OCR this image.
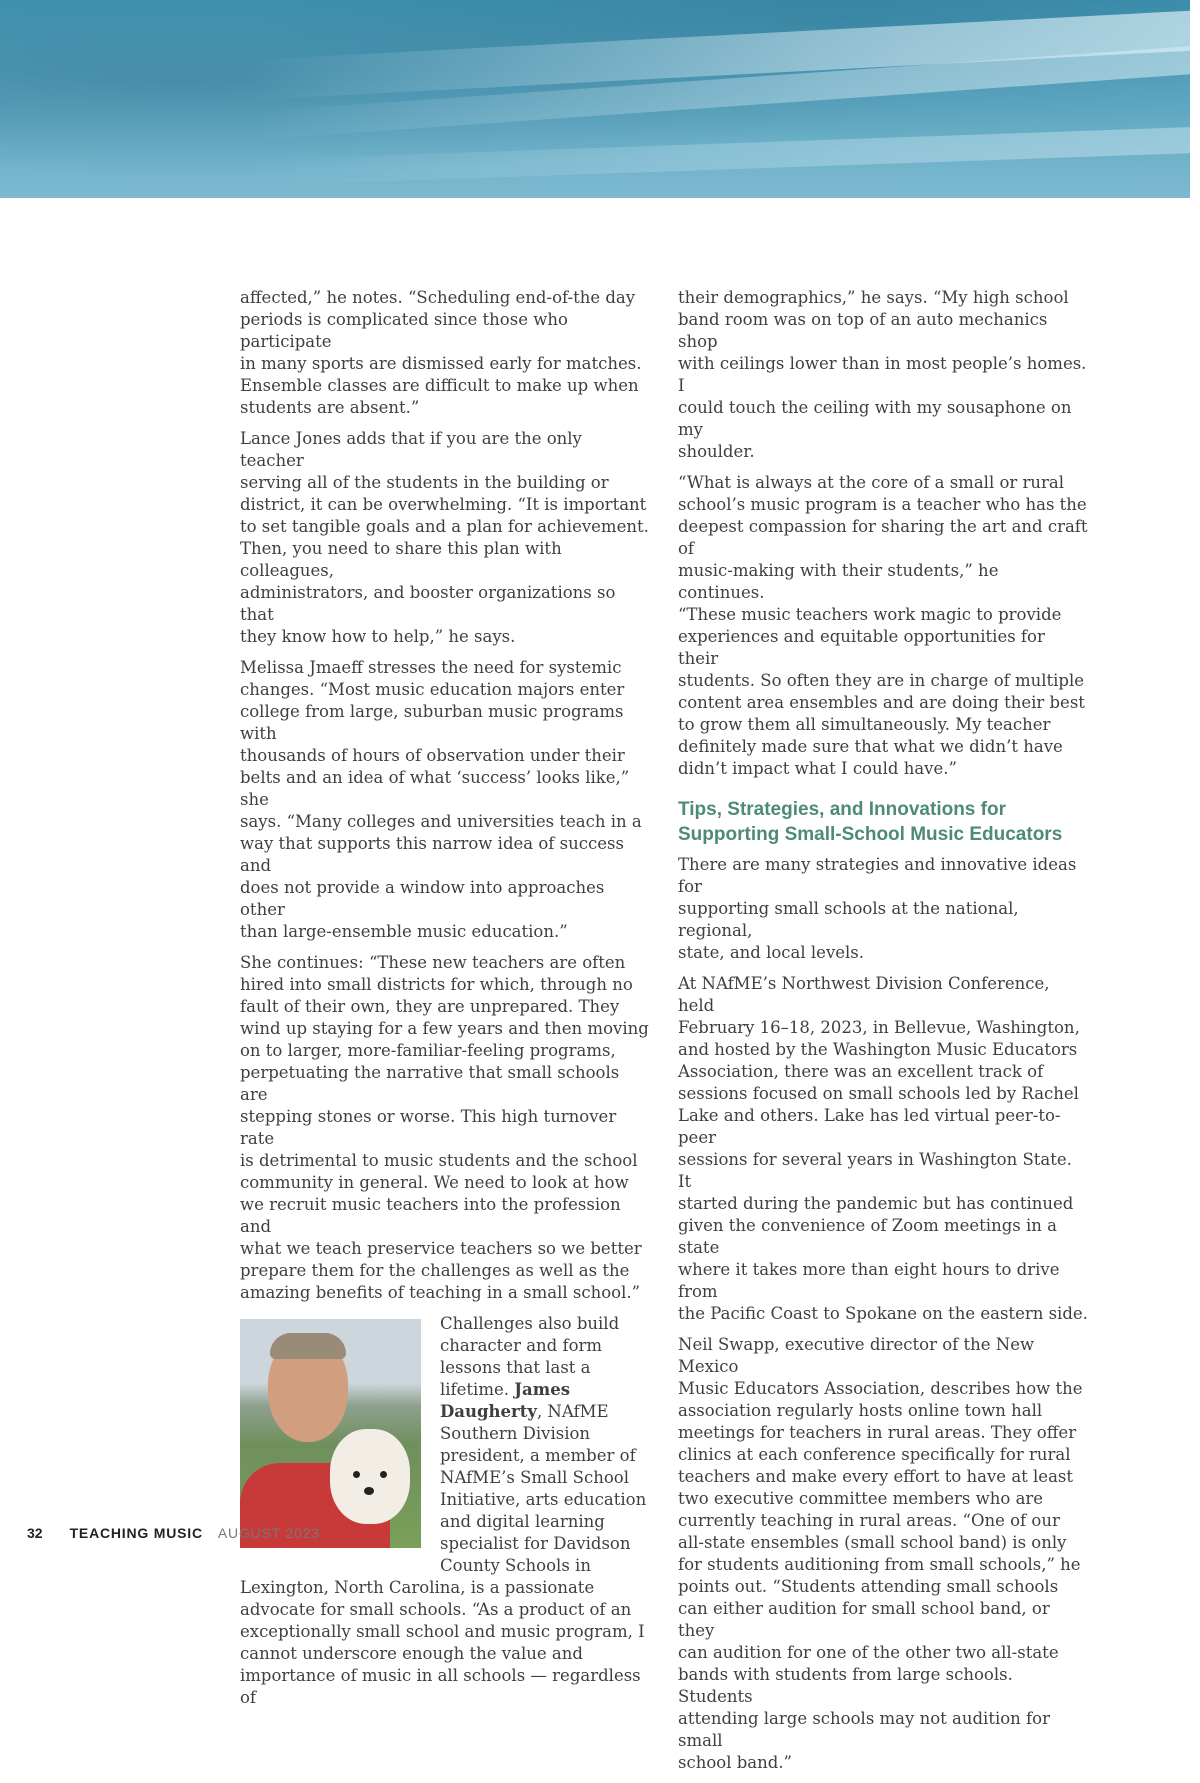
affected,” he notes. “Scheduling end-of-the day
periods is complicated since those who participate
in many sports are dismissed early for matches.
Ensemble classes are difficult to make up when
students are absent.”

Lance Jones adds that if you are the only teacher
serving all of the students in the building or
district, it can be overwhelming. “It is important
to set tangible goals and a plan for achievement.
Then, you need to share this plan with colleagues,
administrators, and booster organizations so that
they know how to help,” he says.

Melissa Jmaeff stresses the need for systemic
changes. “Most music education majors enter
college from large, suburban music programs with
thousands of hours of observation under their
belts and an idea of what ‘success’ looks like,” she
says. “Many colleges and universities teach in a
way that supports this narrow idea of success and
does not provide a window into approaches other
than large-ensemble music education.”

She continues: “These new teachers are often
hired into small districts for which, through no
fault of their own, they are unprepared. They
wind up staying for a few years and then moving
on to larger, more-familiar-feeling programs,
perpetuating the narrative that small schools are
stepping stones or worse. This high turnover rate
is detrimental to music students and the school
community in general. We need to look at how
we recruit music teachers into the profession and
what we teach preservice teachers so we better
prepare them for the challenges as well as the
amazing benefits of teaching in a small school.”

Challenges also build
character and form
lessons that last a
lifetime. James
Daugherty, NAfME
Southern Division
president, a member of
NAfME’s Small School
Initiative, arts education
and digital learning
specialist for Davidson
County Schools in

Lexington, North Carolina, is a passionate
advocate for small schools. “As a product of an
exceptionally small school and music program, I
cannot underscore enough the value and
importance of music in all schools — regardless of

their demographics,” he says. “My high school
band room was on top of an auto mechanics shop
with ceilings lower than in most people’s homes. I
could touch the ceiling with my sousaphone on my
shoulder.

“What is always at the core of a small or rural
school’s music program is a teacher who has the
deepest compassion for sharing the art and craft of
music-making with their students,” he continues.
“These music teachers work magic to provide
experiences and equitable opportunities for their
students. So often they are in charge of multiple
content area ensembles and are doing their best
to grow them all simultaneously. My teacher
definitely made sure that what we didn’t have
didn’t impact what I could have.”

Tips, Strategies, and Innovations for
Supporting Small-School Music Educators

There are many strategies and innovative ideas for
supporting small schools at the national, regional,
state, and local levels.

At NAfME’s Northwest Division Conference, held
February 16–18, 2023, in Bellevue, Washington,
and hosted by the Washington Music Educators
Association, there was an excellent track of
sessions focused on small schools led by Rachel
Lake and others. Lake has led virtual peer-to-peer
sessions for several years in Washington State. It
started during the pandemic but has continued
given the convenience of Zoom meetings in a state
where it takes more than eight hours to drive from
the Pacific Coast to Spokane on the eastern side.

Neil Swapp, executive director of the New Mexico
Music Educators Association, describes how the
association regularly hosts online town hall
meetings for teachers in rural areas. They offer
clinics at each conference specifically for rural
teachers and make every effort to have at least
two executive committee members who are
currently teaching in rural areas. “One of our
all-state ensembles (small school band) is only
for students auditioning from small schools,” he
points out. “Students attending small schools
can either audition for small school band, or they
can audition for one of the other two all-state
bands with students from large schools. Students
attending large schools may not audition for small
school band.”

32 TEACHING MUSIC AUGUST 2023
